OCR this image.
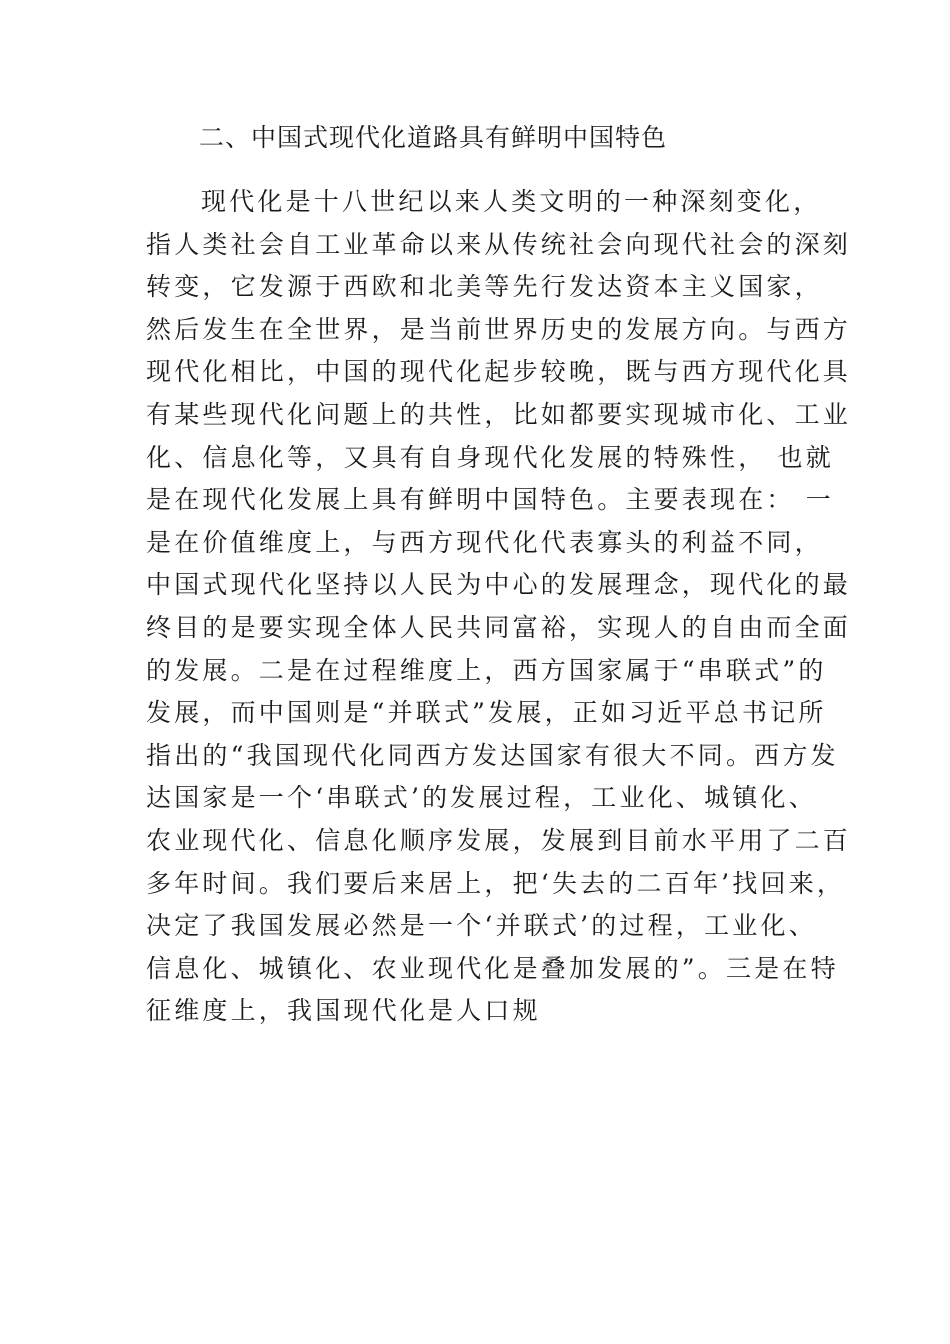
二、中国式现代化道路具有鲜明中国特色
现代化是十八世纪以来人类文明的一种深刻变化，
指人类社会自工业革命以来从传统社会向现代社会的深刻
转变，它发源于西欧和北美等先行发达资本主义国家，
然后发生在全世界，是当前世界历史的发展方向。与西方
现代化相比，中国的现代化起步较晚，既与西方现代化具
有某些现代化问题上的共性，比如都要实现城市化、工业
化、信息化等，又具有自身现代化发展的特殊性， 也就
是在现代化发展上具有鲜明中国特色。主要表现在： 一
是在价值维度上，与西方现代化代表寡头的利益不同，
中国式现代化坚持以人民为中心的发展理念，现代化的最
终目的是要实现全体人民共同富裕，实现人的自由而全面
的发展。二是在过程维度上，西方国家属于“串联式”的
发展，而中国则是“并联式”发展，正如习近平总书记所
指出的“我国现代化同西方发达国家有很大不同。西方发
达国家是一个‘串联式’的发展过程，工业化、城镇化、
农业现代化、信息化顺序发展，发展到目前水平用了二百
多年时间。我们要后来居上，把‘失去的二百年’找回来，
决定了我国发展必然是一个‘并联式’的过程，工业化、
信息化、城镇化、农业现代化是叠加发展的”。三是在特
征维度上，我国现代化是人口规
